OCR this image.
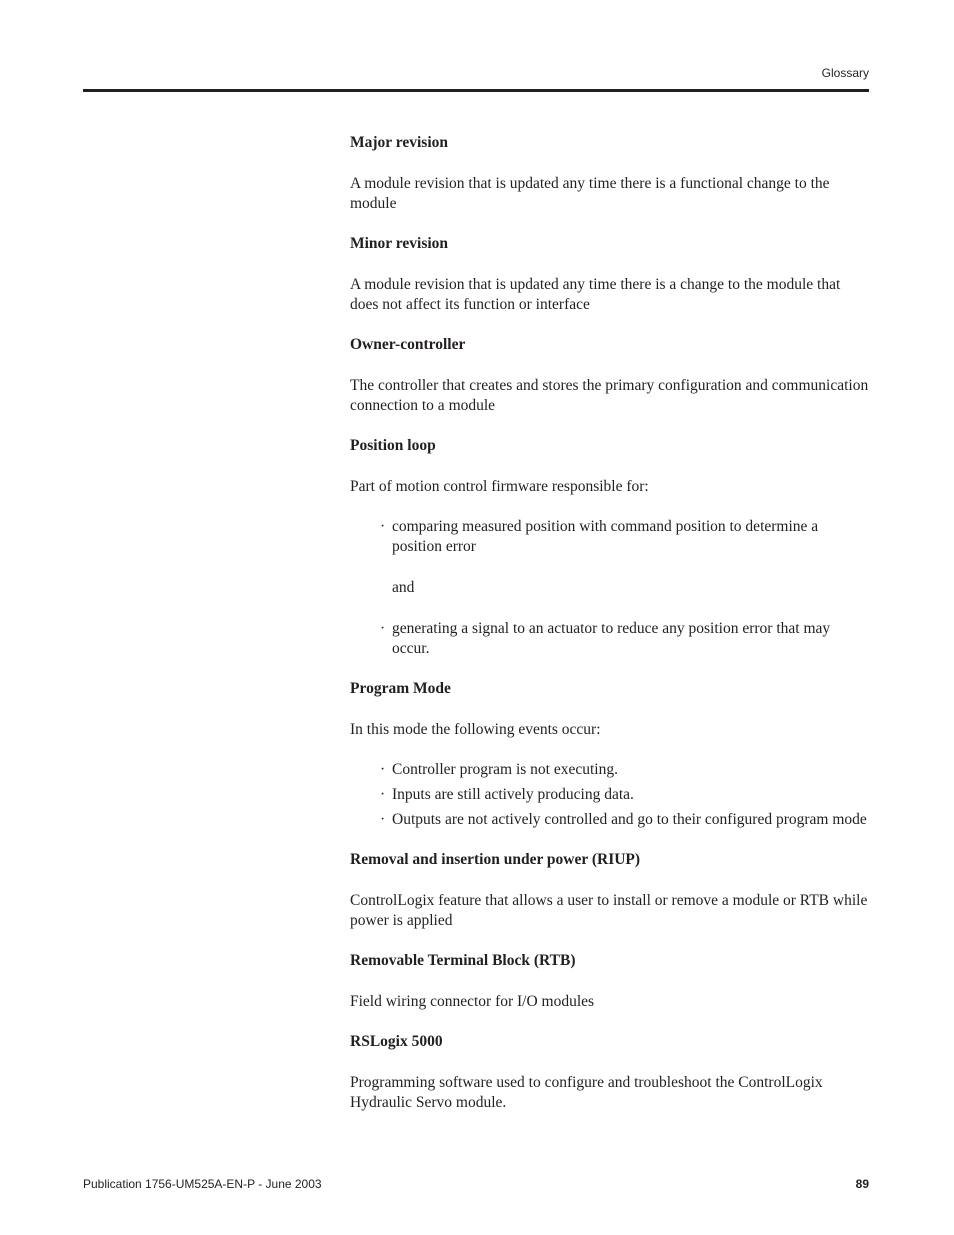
Glossary

Major revision

A module revision that is updated any time there is a functional change to the module

Minor revision

A module revision that is updated any time there is a change to the module that does not affect its function or interface

Owner-controller

The controller that creates and stores the primary configuration and communication connection to a module

Position loop

Part of motion control firmware responsible for:

· comparing measured position with command position to determine a position error
and
· generating a signal to an actuator to reduce any position error that may occur.

Program Mode

In this mode the following events occur:

· Controller program is not executing.
· Inputs are still actively producing data.
· Outputs are not actively controlled and go to their configured program mode

Removal and insertion under power (RIUP)

ControlLogix feature that allows a user to install or remove a module or RTB while power is applied

Removable Terminal Block (RTB)

Field wiring connector for I/O modules

RSLogix 5000

Programming software used to configure and troubleshoot the ControlLogix Hydraulic Servo module.

Publication 1756-UM525A-EN-P - June 2003	89
